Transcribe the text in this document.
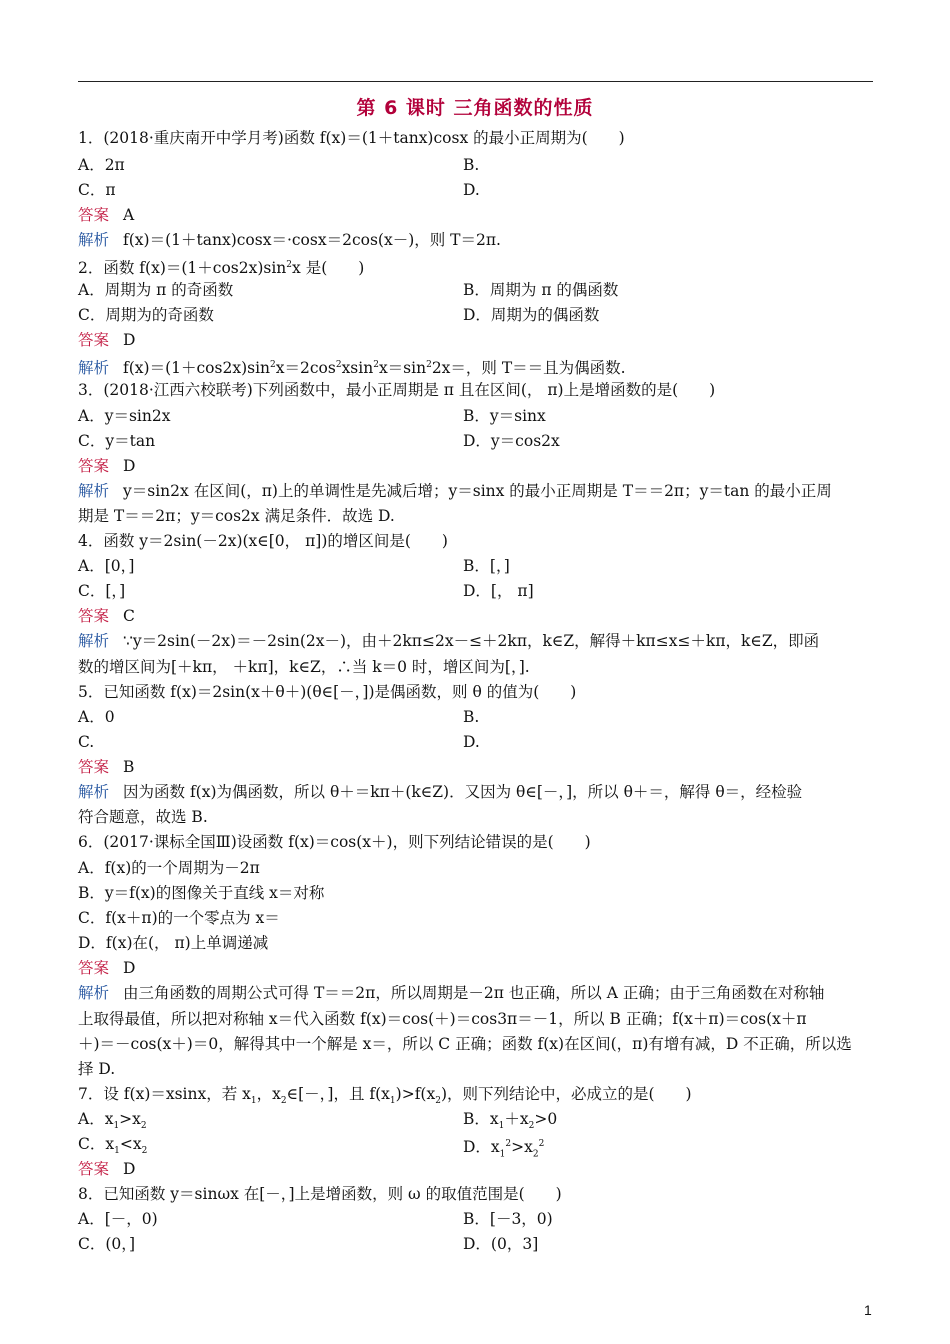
第 6 课时 三角函数的性质
1．(2018·重庆南开中学月考)函数 f(x)＝(1＋tanx)cosx 的最小正周期为(　　)
A．2π	B.
C．π	D.
答案 A
解析 f(x)＝(1＋tanx)cosx＝·cosx＝2cos(x－)，则 T＝2π.
2．函数 $f(x)=(1+\cos 2x)\sin^2x$ 是(　　)
A．周期为 π 的奇函数	B．周期为 π 的偶函数
C．周期为的奇函数	D．周期为的偶函数
答案 D
解析 $f(x)=(1+\cos 2x)\sin^2x=2\cos^2xsin^2x=\sin^22x=$，则 T＝＝且为偶函数.
3．(2018·江西六校联考)下列函数中，最小正周期是 π 且在区间(， π)上是增函数的是(　　)
A．y＝sin2x	B．y＝sinx
C．y＝tan	D．y＝cos2x
答案 D
解析 y＝sin2x 在区间(，π)上的单调性是先减后增；y＝sinx 的最小正周期是 T＝＝2π；y＝tan 的最小正周
期是 T＝＝2π；y＝cos2x 满足条件．故选 D.
4．函数 y＝2sin(－2x)(x∈[0， π])的增区间是(　　)
A．[0，]	B．[，]
C．[，]	D．[， π]
答案 C
解析 ∵y＝2sin(－2x)＝－2sin(2x－)，由＋2kπ≤2x－≤＋2kπ，k∈Z，解得＋kπ≤x≤＋kπ，k∈Z，即函
数的增区间为[＋kπ， ＋kπ]，k∈Z，∴当 k＝0 时，增区间为[，].
5．已知函数 f(x)＝2sin(x＋θ＋)(θ∈[－，])是偶函数，则 θ 的值为(　　)
A．0	B.
C.	D.
答案 B
解析 因为函数 f(x)为偶函数，所以 θ＋＝kπ＋(k∈Z)．又因为 θ∈[－，]，所以 θ＋＝，解得 θ＝，经检验
符合题意，故选 B.
6．(2017·课标全国Ⅲ)设函数 f(x)＝cos(x＋)，则下列结论错误的是(　　)
A．f(x)的一个周期为－2π
B．y＝f(x)的图像关于直线 x＝对称
C．f(x＋π)的一个零点为 x＝
D．f(x)在(， π)上单调递减
答案 D
解析 由三角函数的周期公式可得 T＝＝2π，所以周期是－2π 也正确，所以 A 正确；由于三角函数在对称轴
上取得最值，所以把对称轴 x＝代入函数 f(x)＝cos(＋)＝cos3π＝－1，所以 B 正确；f(x＋π)＝cos(x＋π
＋)＝－cos(x＋)＝0，解得其中一个解是 x＝，所以 C 正确；函数 f(x)在区间(，π)有增有减，D 不正确，所以选
择 D.
7．设 f(x)＝xsinx，若 $x_1$，$x_2\in[-$，]，且 $f(x_1)>f(x_2)$，则下列结论中，必成立的是(　　)
A．$x_1>x_2$	B．$x_1+x_2>0$
C．$x_1<x_2$	D．$x_1^2>x_2^2$
答案 D
8．已知函数 y＝sinωx 在[－，]上是增函数，则 ω 的取值范围是(　　)
A．[－，0)	B．[－3，0)
C．(0，]	D．(0，3]
1
